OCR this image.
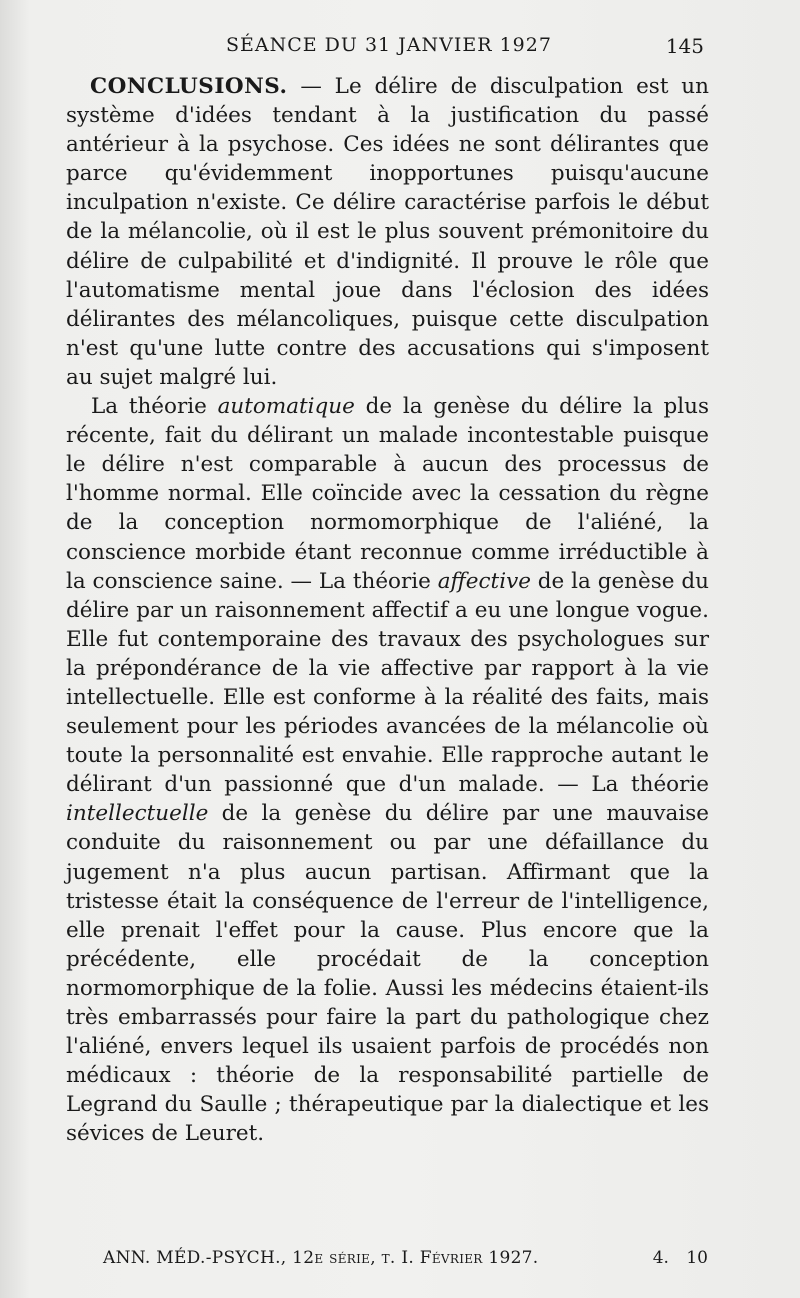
SÉANCE DU 31 JANVIER 1927	145

CONCLUSIONS. — Le délire de disculpation est un système d'idées tendant à la justification du passé antérieur à la psychose. Ces idées ne sont délirantes que parce qu'évidemment inopportunes puisqu'aucune inculpation n'existe. Ce délire caractérise parfois le début de la mélancolie, où il est le plus souvent prémonitoire du délire de culpabilité et d'indignité. Il prouve le rôle que l'automatisme mental joue dans l'éclosion des idées délirantes des mélancoliques, puisque cette disculpation n'est qu'une lutte contre des accusations qui s'imposent au sujet malgré lui.

La théorie automatique de la genèse du délire la plus récente, fait du délirant un malade incontestable puisque le délire n'est comparable à aucun des processus de l'homme normal. Elle coïncide avec la cessation du règne de la conception normomorphique de l'aliéné, la conscience morbide étant reconnue comme irréductible à la conscience saine. — La théorie affective de la genèse du délire par un raisonnement affectif a eu une longue vogue. Elle fut contemporaine des travaux des psychologues sur la prépondérance de la vie affective par rapport à la vie intellectuelle. Elle est conforme à la réalité des faits, mais seulement pour les périodes avancées de la mélancolie où toute la personnalité est envahie. Elle rapproche autant le délirant d'un passionné que d'un malade. — La théorie intellectuelle de la genèse du délire par une mauvaise conduite du raisonnement ou par une défaillance du jugement n'a plus aucun partisan. Affirmant que la tristesse était la conséquence de l'erreur de l'intelligence, elle prenait l'effet pour la cause. Plus encore que la précédente, elle procédait de la conception normomorphique de la folie. Aussi les médecins étaient-ils très embarrassés pour faire la part du pathologique chez l'aliéné, envers lequel ils usaient parfois de procédés non médicaux : théorie de la responsabilité partielle de Legrand du Saulle ; thérapeutique par la dialectique et les sévices de Leuret.

ANN. MÉD.-PSYCH., 12e série, t. I. Février 1927.	4. 10
